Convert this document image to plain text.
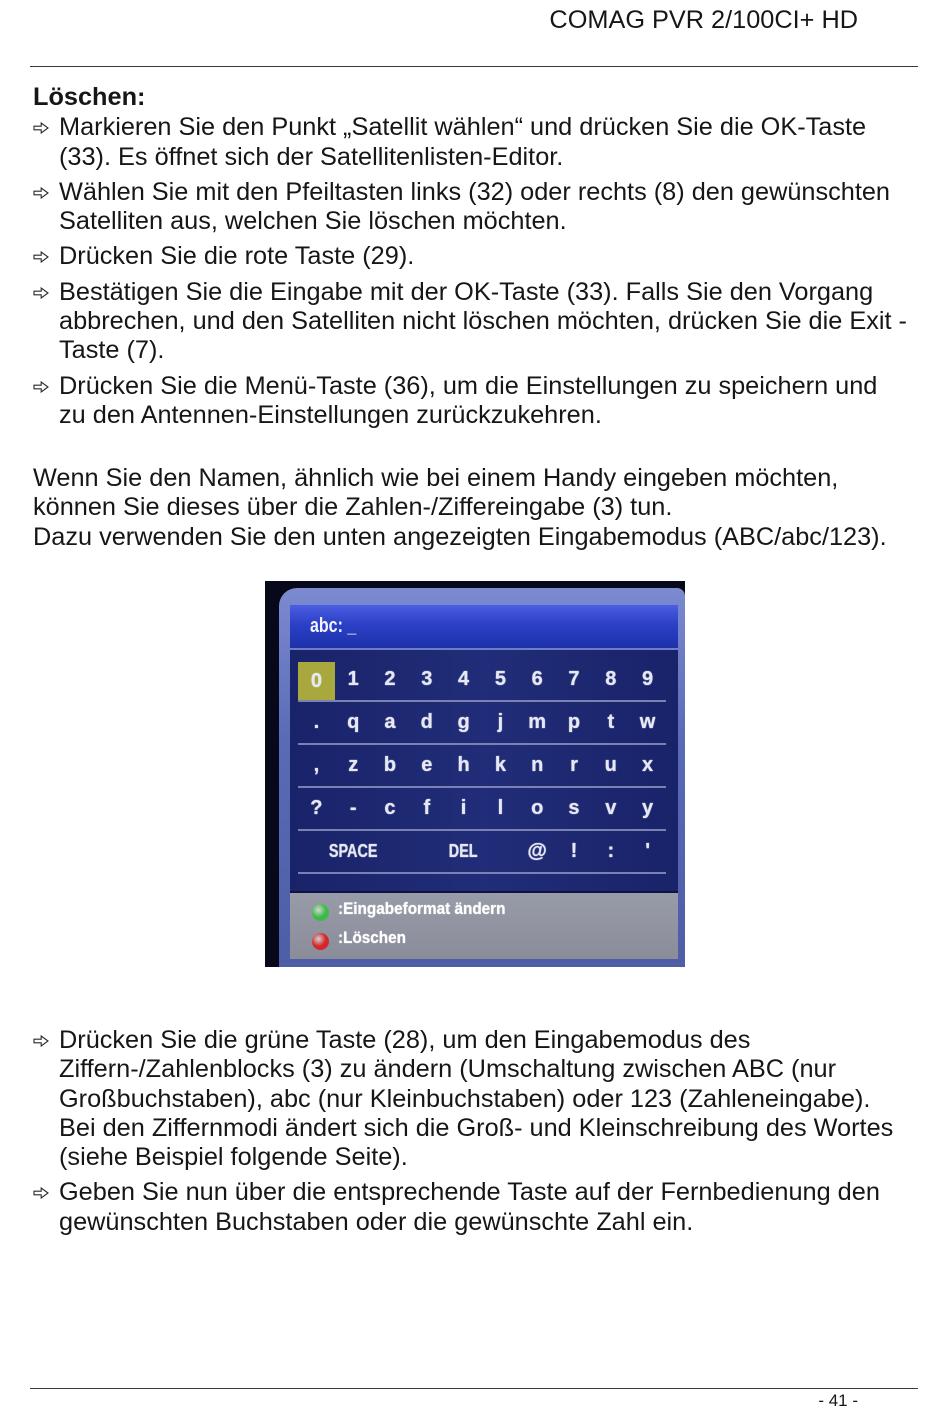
COMAG PVR 2/100CI+ HD
Löschen:
Markieren Sie den Punkt „Satellit wählen“ und drücken Sie die OK-Taste
(33). Es öffnet sich der Satellitenlisten-Editor.
Wählen Sie mit den Pfeiltasten links (32) oder rechts (8) den gewünschten
Satelliten aus, welchen Sie löschen möchten.
Drücken Sie die rote Taste (29).
Bestätigen Sie die Eingabe mit der OK-Taste (33). Falls Sie den Vorgang
abbrechen, und den Satelliten nicht löschen möchten, drücken Sie die Exit -
Taste (7).
Drücken Sie die Menü-Taste (36), um die Einstellungen zu speichern und
zu den Antennen-Einstellungen zurückzukehren.
Wenn Sie den Namen, ähnlich wie bei einem Handy eingeben möchten,
können Sie dieses über die Zahlen-/Ziffereingabe (3) tun.
Dazu verwenden Sie den unten angezeigten Eingabemodus (ABC/abc/123).
abc: _
0	1	2	3	4	5	6	7	8	9
.	q	a	d	g	j	m	p	t	w
,	z	b	e	h	k	n	r	u	x
?	-	c	f	i	l	o	s	v	y
SPACE	DEL	@	!	:	'
:Eingabeformat ändern
:Löschen
Drücken Sie die grüne Taste (28), um den Eingabemodus des
Ziffern-/Zahlenblocks (3) zu ändern (Umschaltung zwischen ABC (nur
Großbuchstaben), abc (nur Kleinbuchstaben) oder 123 (Zahleneingabe).
Bei den Ziffernmodi ändert sich die Groß- und Kleinschreibung des Wortes
(siehe Beispiel folgende Seite).
Geben Sie nun über die entsprechende Taste auf der Fernbedienung den
gewünschten Buchstaben oder die gewünschte Zahl ein.
- 41 -
